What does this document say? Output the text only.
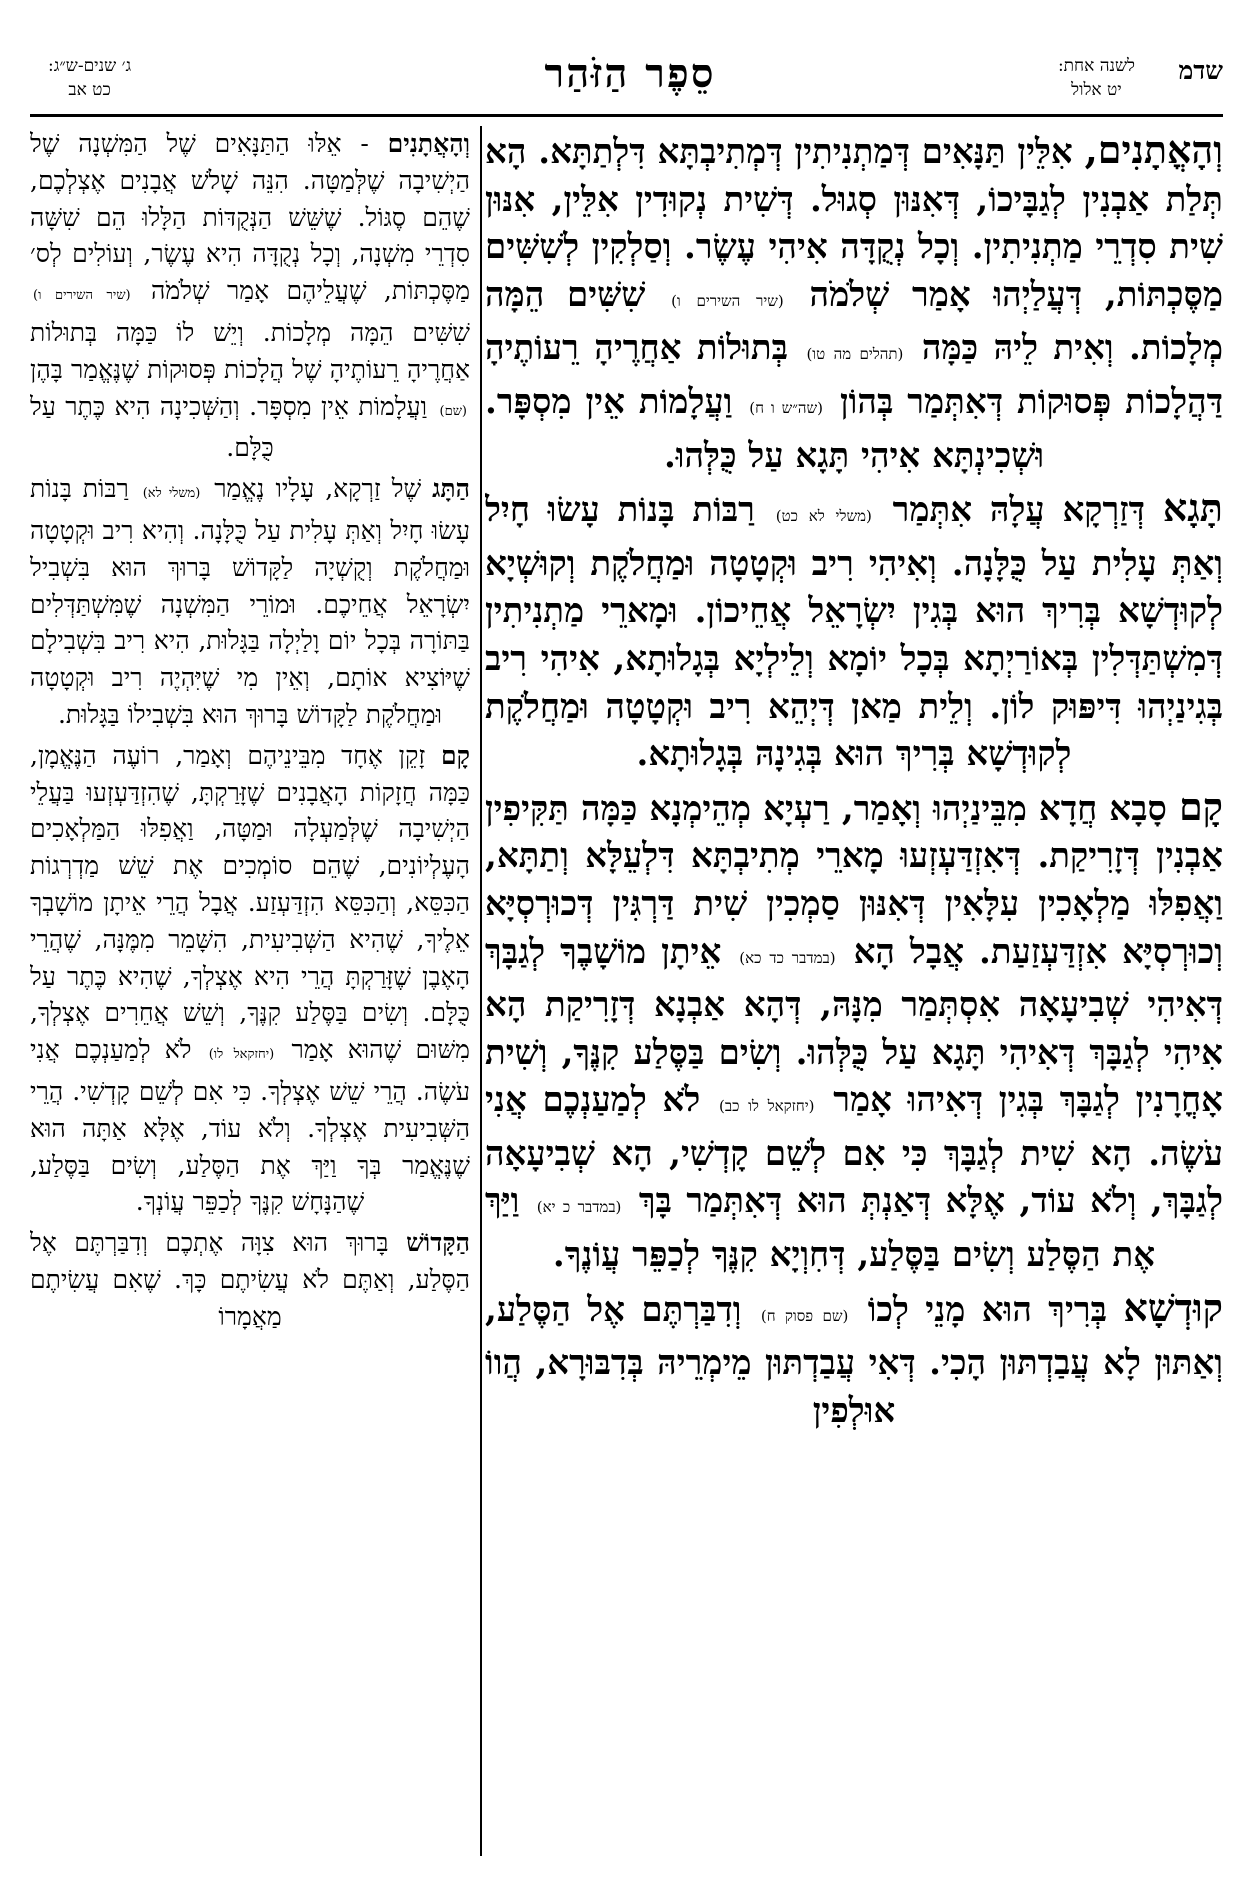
שדמ
לשנה אחת:
יט אלול
סֵפֶר הַזֹּהַר
ג׳ שנים-ש״ג:
כט אב

וְהָאֳתָנִים, אִלֵּין תַּנָּאִים דְּמַתְנִיתִין דְּמְתִיבְתָּא דִּלְתַתָּא. הָא תְּלַת אַבְנִין לְגַבָּיכוֹ, דְּאִנּוּן סְגוּל. דְּשִׁית נְקוּדִין אִלֵּין, אִנּוּן שִׁית סִדְרֵי מַתְנִיתִין. וְכָל נְקֻדָּה אִיהִי עֶשֶׂר. וְסַלְקִין לְשִׁשִּׁים מַסֶּכְתּוֹת, דְּעֲלַיְהוּ אָמַר שְׁלֹמֹה (שיר השירים ו) שִׁשִּׁים הֵמָּה מְלָכוֹת. וְאִית לֵיהּ כַּמָּה (תהלים מה טו) בְּתוּלוֹת אַחֲרֶיהָ רֵעוֹתֶיהָ דַּהֲלָכוֹת פְּסוּקוֹת דְּאִתְּמַר בְּהוֹן (שה״ש ו ח) וַעֲלָמוֹת אֵין מִסְפָּר. וּשְׁכִינְתָּא אִיהִי תָּגָא עַל כֻּלְּהוּ.

תָּגָא דְּזַרְקָא עֲלָהּ אִתְּמַר (משלי לא כט) רַבּוֹת בָּנוֹת עָשׂוּ חָיִל וְאַתְּ עָלִית עַל כֻּלָּנָה. וְאִיהִי רִיב וּקְטָטָה וּמַחֲלֹקֶת וְקוּשְׁיָא לְקוּדְשָׁא בְּרִיךְ הוּא בְּגִין יִשְׂרָאֵל אֲחֵיכוֹן. וּמָארֵי מַתְנִיתִין דְּמִשְׁתַּדְּלִין בְּאוֹרַיְתָא בְּכָל יוֹמָא וְלֵילְיָא בְּגָלוּתָא, אִיהִי רִיב בְּגִינַיְהוּ דִּיפּוּק לוֹן. וְלֵית מַאן דְּיְהֵא רִיב וּקְטָטָה וּמַחֲלֹקֶת לְקוּדְשָׁא בְּרִיךְ הוּא בְּגִינָהּ בְּגָלוּתָא.

קָם סָבָא חֲדָא מִבֵּינַיְהוּ וְאָמַר, רַעְיָא מְהֵימְנָא כַּמָּה תַּקִּיפִין אַבְנִין דְּזָרִיקַת. דְּאִזְדַּעְזְעוּ מָארֵי מְתִיבְתָּא דִּלְעֵלָּא וְתַתָּא, וַאֲפִלּוּ מַלְאָכִין עִלָּאִין דְּאִנּוּן סַמְכִין שִׁית דַּרְגִּין דְּכוּרְסְיָּא וְכוּרְסְיָּא אִזְדַּעְזַעַת. אֲבָל הָא (במדבר כד כא) אֵיתָן מוֹשָׁבֶךָ לְגַבָּךְ דְּאִיהִי שְׁבִיעָאָה אִסְתְּמַר מִנָּהּ, דְּהָא אַבְנָא דְּזָרִיקַת הָא אִיהִי לְגַבָּךְ דְּאִיהִי תָּגָא עַל כֻּלְּהוּ. וְשִׂים בַּסֶּלַע קִנֶּךָ, וְשִׁית אָחֳרָנִין לְגַבָּךְ בְּגִין דְּאִיהוּ אָמַר (יחזקאל לו כב) לֹא לְמַעַנְכֶם אֲנִי עֹשֶׂה. הָא שִׁית לְגַבָּךְ כִּי אִם לְשֵׁם קָדְשִׁי, הָא שְׁבִיעָאָה לְגַבָּךְ, וְלֹא עוֹד, אֶלָּא דְּאַנְתְּ הוּא דְּאִתְּמַר בָּךְ (במדבר כ יא) וַיַּךְ אֶת הַסֶּלַע וְשִׂים בַּסֶּלַע, דְּחִוְיָא קִנֶּךָ לְכַפֵּר עֲוֹנֶךָ.

קוּדְשָׁא בְּרִיךְ הוּא מָנֵי לְכוֹ (שם פסוק ח) וְדִבַּרְתֶּם אֶל הַסֶּלַע, וְאַתּוּן לָא עֲבַדְתּוּן הָכִי. דְּאִי עֲבַדְתּוּן מֵימְרֵיהּ בְּדִבּוּרָא, הֲווֹ אוּלְפִין

וְהָאֲתָנִים - אֵלּוּ הַתַּנָּאִים שֶׁל הַמִּשְׁנָה שֶׁל הַיְשִׁיבָה שֶׁלְּמַטָּה. הִנֵּה שָׁלֹשׁ אֲבָנִים אֶצְלְכֶם, שֶׁהֵם סֶגּוֹל. שֶׁשֵּׁשׁ הַנְּקֻדּוֹת הַלָּלוּ הֵם שִׁשָּׁה סִדְרֵי מִשְׁנָה, וְכָל נְקֻדָּה הִיא עֶשֶׂר, וְעוֹלִים לְס׳ מַסֶּכְתּוֹת, שֶׁעֲלֵיהֶם אָמַר שְׁלֹמֹה (שיר השירים ו) שִׁשִּׁים הֵמָּה מְלָכוֹת. וְיֵשׁ לוֹ כַּמָּה בְּתוּלוֹת אַחֲרֶיהָ רֵעוֹתֶיהָ שֶׁל הֲלָכוֹת פְּסוּקוֹת שֶׁנֶּאֱמַר בָּהֶן (שם) וַעֲלָמוֹת אֵין מִסְפָּר. וְהַשְּׁכִינָה הִיא כֶּתֶר עַל כֻּלָּם.

הַתָּג שֶׁל זַרְקָא, עָלָיו נֶאֱמַר (משלי לא) רַבּוֹת בָּנוֹת עָשׂוּ חָיִל וְאַתְּ עָלִית עַל כֻּלָּנָה. וְהִיא רִיב וּקְטָטָה וּמַחֲלֹקֶת וְקֻשְׁיָה לַקָּדוֹשׁ בָּרוּךְ הוּא בִּשְׁבִיל יִשְׂרָאֵל אֲחֵיכֶם. וּמוֹרֵי הַמִּשְׁנָה שֶׁמִּשְׁתַּדְּלִים בַּתּוֹרָה בְּכָל יוֹם וָלַיְלָה בַּגָּלוּת, הִיא רִיב בִּשְׁבִילָם שֶׁיּוֹצִיא אוֹתָם, וְאֵין מִי שֶׁיִּהְיֶה רִיב וּקְטָטָה וּמַחֲלֹקֶת לַקָּדוֹשׁ בָּרוּךְ הוּא בִּשְׁבִילוֹ בַּגָּלוּת.

קָם זָקֵן אֶחָד מִבֵּינֵיהֶם וְאָמַר, רוֹעֶה הַנֶּאֱמָן, כַּמָּה חֲזָקוֹת הָאֲבָנִים שֶׁזָּרַקְתָּ, שֶׁהִזְדַּעְזְעוּ בַּעֲלֵי הַיְשִׁיבָה שֶׁלְּמַעְלָה וּמַטָּה, וַאֲפִלּוּ הַמַּלְאָכִים הָעֶלְיוֹנִים, שֶׁהֵם סוֹמְכִים אֶת שֵׁשׁ מַדְרְגוֹת הַכִּסֵּא, וְהַכִּסֵּא הִזְדַּעְזַע. אֲבָל הֲרֵי אֵיתָן מוֹשָׁבְךָ אֵלֶיךָ, שֶׁהִיא הַשְּׁבִיעִית, הִשָּׁמֵר מִמֶּנָּה, שֶׁהֲרֵי הָאֶבֶן שֶׁזָּרַקְתָּ הֲרֵי הִיא אֶצְלְךָ, שֶׁהִיא כֶּתֶר עַל כֻּלָּם. וְשִׂים בַּסֶּלַע קִנֶּךָ, וְשֵׁשׁ אֲחֵרִים אֶצְלְךָ, מִשּׁוּם שֶׁהוּא אָמַר (יחזקאל לו) לֹא לְמַעַנְכֶם אֲנִי עֹשֶׂה. הֲרֵי שֵׁשׁ אֶצְלְךָ. כִּי אִם לְשֵׁם קָדְשִׁי. הֲרֵי הַשְּׁבִיעִית אֶצְלְךָ. וְלֹא עוֹד, אֶלָּא אַתָּה הוּא שֶׁנֶּאֱמַר בְּךָ וַיַּךְ אֶת הַסֶּלַע, וְשִׂים בַּסֶּלַע, שֶׁהַנָּחָשׁ קִנֶּךָ לְכַפֵּר עֲוֹנְךָ.

הַקָּדוֹשׁ בָּרוּךְ הוּא צִוָּה אֶתְכֶם וְדִבַּרְתֶּם אֶל הַסֶּלַע, וְאַתֶּם לֹא עֲשִׂיתֶם כָּךְ. שֶׁאִם עֲשִׂיתֶם מַאֲמָרוֹ
